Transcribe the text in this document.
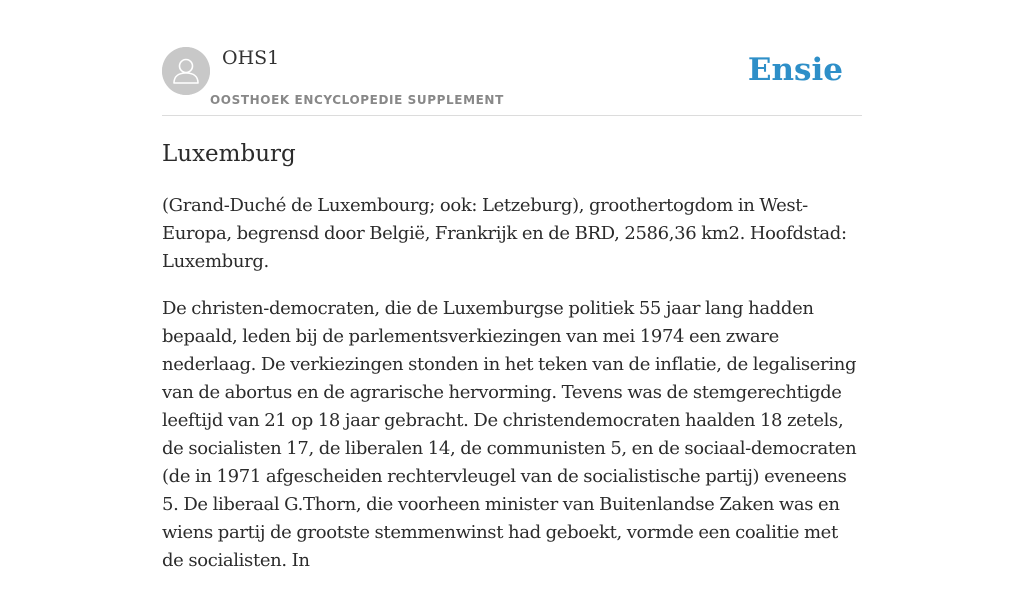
OHS1
OOSTHOEK ENCYCLOPEDIE SUPPLEMENT
Ensie
Luxemburg

(Grand-Duché de Luxembourg; ook: Letzeburg), groothertogdom in West-Europa, begrensd door België, Frankrijk en de BRD, 2586,36 km2. Hoofdstad: Luxemburg.

De christen-democraten, die de Luxemburgse politiek 55 jaar lang hadden bepaald, leden bij de parlementsverkiezingen van mei 1974 een zware nederlaag. De verkiezingen stonden in het teken van de inflatie, de legalisering van de abortus en de agrarische hervorming. Tevens was de stemgerechtigde leeftijd van 21 op 18 jaar gebracht. De christendemocraten haalden 18 zetels, de socialisten 17, de liberalen 14, de communisten 5, en de sociaal-democraten (de in 1971 afgescheiden rechtervleugel van de socialistische partij) eveneens 5. De liberaal G.Thorn, die voorheen minister van Buitenlandse Zaken was en wiens partij de grootste stemmenwinst had geboekt, vormde een coalitie met de socialisten. In
